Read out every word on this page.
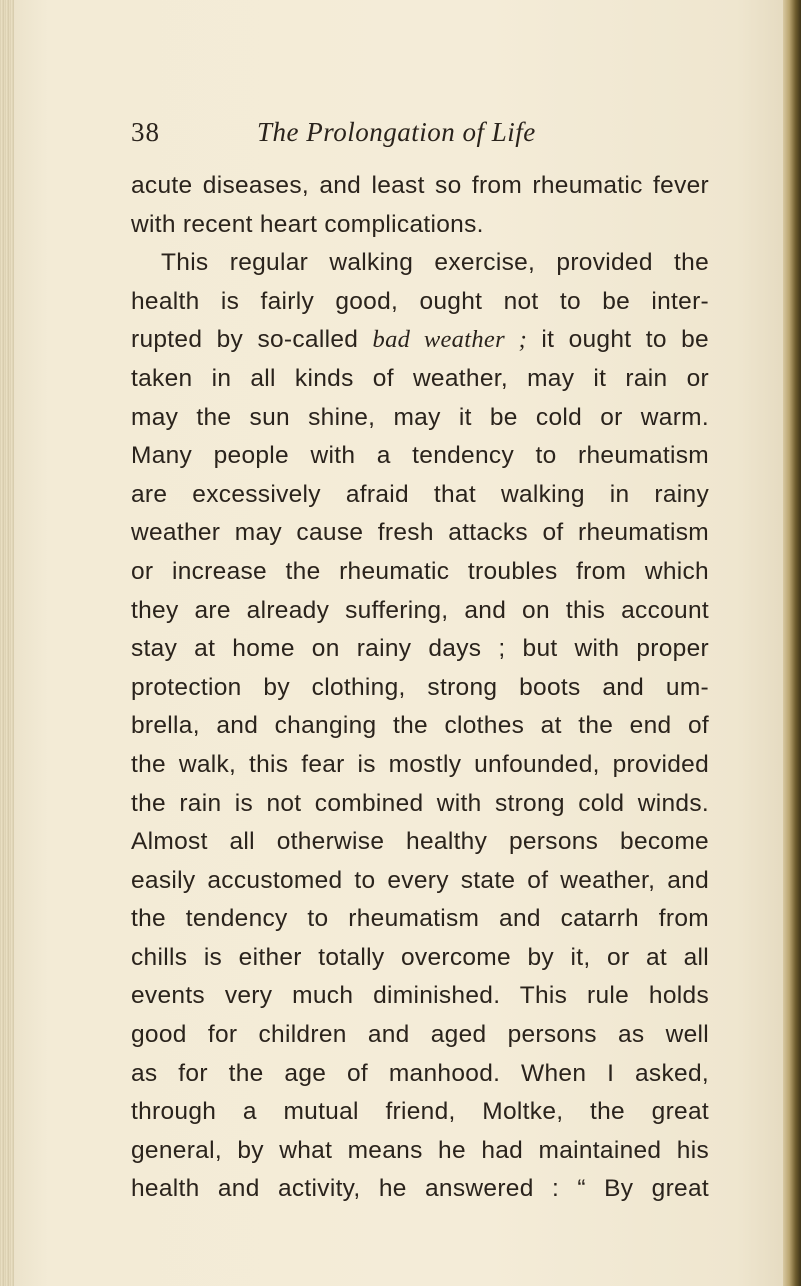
38	The Prolongation of Life
acute diseases, and least so from rheumatic fever
with recent heart complications.
This regular walking exercise, provided the
health is fairly good, ought not to be inter-
rupted by so-called bad weather ; it ought to be
taken in all kinds of weather, may it rain or
may the sun shine, may it be cold or warm.
Many people with a tendency to rheumatism
are excessively afraid that walking in rainy
weather may cause fresh attacks of rheumatism
or increase the rheumatic troubles from which
they are already suffering, and on this account
stay at home on rainy days ; but with proper
protection by clothing, strong boots and um-
brella, and changing the clothes at the end of
the walk, this fear is mostly unfounded, provided
the rain is not combined with strong cold winds.
Almost all otherwise healthy persons become
easily accustomed to every state of weather, and
the tendency to rheumatism and catarrh from
chills is either totally overcome by it, or at all
events very much diminished. This rule holds
good for children and aged persons as well
as for the age of manhood. When I asked,
through a mutual friend, Moltke, the great
general, by what means he had maintained his
health and activity, he answered : “ By great
